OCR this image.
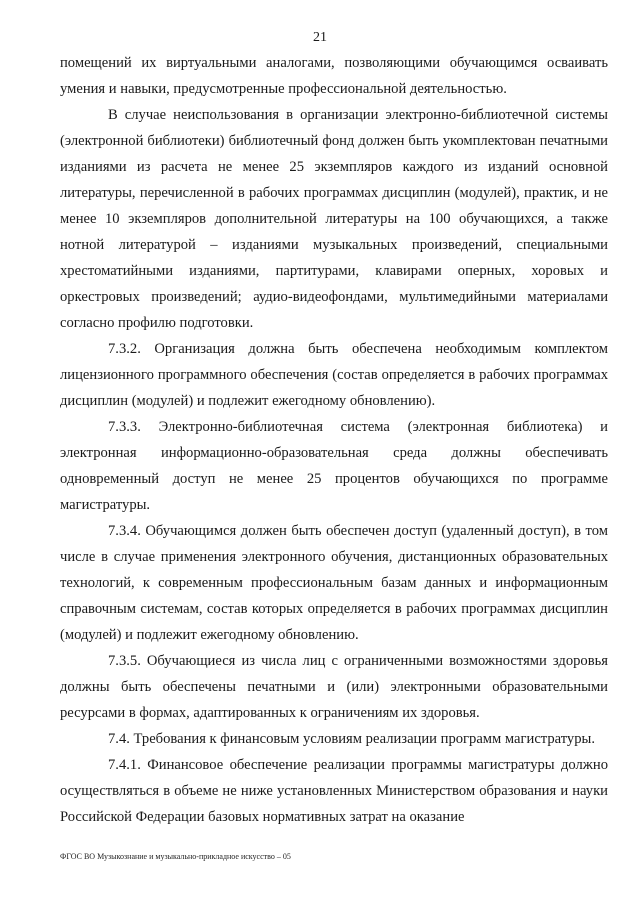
21

помещений их виртуальными аналогами, позволяющими обучающимся осваивать умения и навыки, предусмотренные профессиональной деятельностью.

В случае неиспользования в организации электронно-библиотечной системы (электронной библиотеки) библиотечный фонд должен быть укомплектован печатными изданиями из расчета не менее 25 экземпляров каждого из изданий основной литературы, перечисленной в рабочих программах дисциплин (модулей), практик, и не менее 10 экземпляров дополнительной литературы на 100 обучающихся, а также нотной литературой – изданиями музыкальных произведений, специальными хрестоматийными изданиями, партитурами, клавирами оперных, хоровых и оркестровых произведений; аудио-видеофондами, мультимедийными материалами согласно профилю подготовки.

7.3.2. Организация должна быть обеспечена необходимым комплектом лицензионного программного обеспечения (состав определяется в рабочих программах дисциплин (модулей) и подлежит ежегодному обновлению).

7.3.3. Электронно-библиотечная система (электронная библиотека) и электронная информационно-образовательная среда должны обеспечивать одновременный доступ не менее 25 процентов обучающихся по программе магистратуры.

7.3.4. Обучающимся должен быть обеспечен доступ (удаленный доступ), в том числе в случае применения электронного обучения, дистанционных образовательных технологий, к современным профессиональным базам данных и информационным справочным системам, состав которых определяется в рабочих программах дисциплин (модулей) и подлежит ежегодному обновлению.

7.3.5. Обучающиеся из числа лиц с ограниченными возможностями здоровья должны быть обеспечены печатными и (или) электронными образовательными ресурсами в формах, адаптированных к ограничениям их здоровья.

7.4. Требования к финансовым условиям реализации программ магистратуры.

7.4.1. Финансовое обеспечение реализации программы магистратуры должно осуществляться в объеме не ниже установленных Министерством образования и науки Российской Федерации базовых нормативных затрат на оказание

ФГОС ВО Музыкознание и музыкально-прикладное искусство – 05
